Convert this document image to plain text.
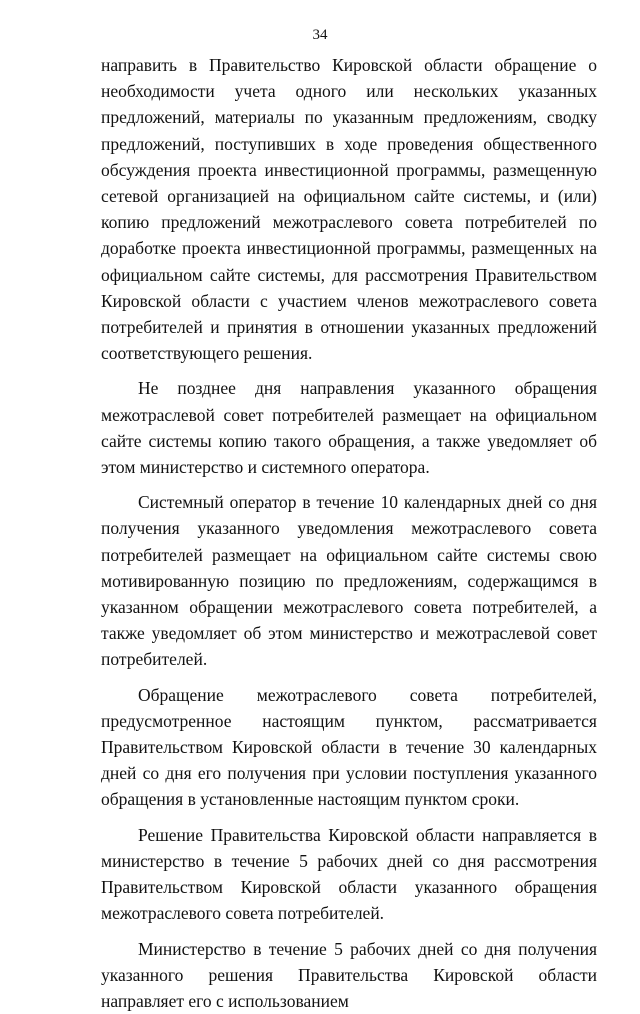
34

направить в Правительство Кировской области обращение о необходимости учета одного или нескольких указанных предложений, материалы по указанным предложениям, сводку предложений, поступивших в ходе проведения общественного обсуждения проекта инвестиционной программы, размещенную сетевой организацией на официальном сайте системы, и (или) копию предложений межотраслевого совета потребителей по доработке проекта инвестиционной программы, размещенных на официальном сайте системы, для рассмотрения Правительством Кировской области с участием членов межотраслевого совета потребителей и принятия в отношении указанных предложений соответствующего решения.

Не позднее дня направления указанного обращения межотраслевой совет потребителей размещает на официальном сайте системы копию такого обращения, а также уведомляет об этом министерство и системного оператора.

Системный оператор в течение 10 календарных дней со дня получения указанного уведомления межотраслевого совета потребителей размещает на официальном сайте системы свою мотивированную позицию по предложениям, содержащимся в указанном обращении межотраслевого совета потребителей, а также уведомляет об этом министерство и межотраслевой совет потребителей.

Обращение межотраслевого совета потребителей, предусмотренное настоящим пунктом, рассматривается Правительством Кировской области в течение 30 календарных дней со дня его получения при условии поступления указанного обращения в установленные настоящим пунктом сроки.

Решение Правительства Кировской области направляется в министерство в течение 5 рабочих дней со дня рассмотрения Правительством Кировской области указанного обращения межотраслевого совета потребителей.

Министерство в течение 5 рабочих дней со дня получения указанного решения Правительства Кировской области направляет его с использованием
